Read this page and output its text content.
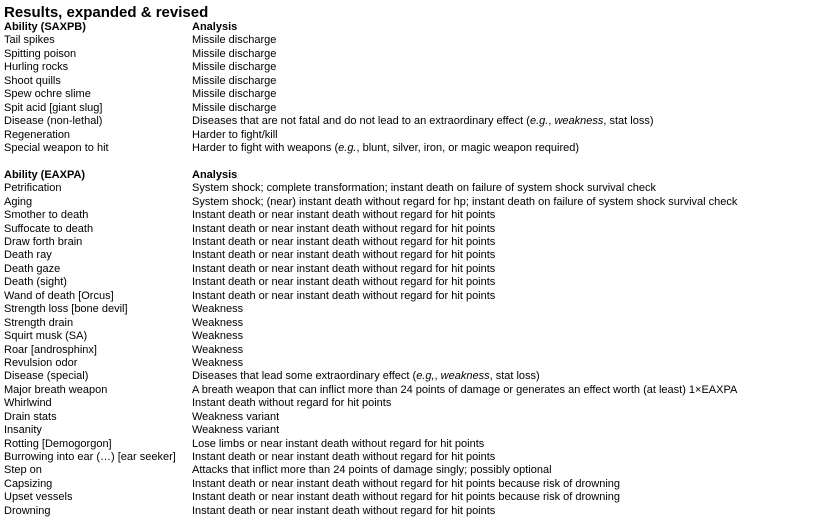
Results, expanded & revised
Ability (SAXPB)	Analysis
Tail spikes	Missile discharge
Spitting poison	Missile discharge
Hurling rocks	Missile discharge
Shoot quills	Missile discharge
Spew ochre slime	Missile discharge
Spit acid [giant slug]	Missile discharge
Disease (non-lethal)	Diseases that are not fatal and do not lead to an extraordinary effect (e.g., weakness, stat loss)
Regeneration	Harder to fight/kill
Special weapon to hit	Harder to fight with weapons (e.g., blunt, silver, iron, or magic weapon required)
Ability (EAXPA)	Analysis
Petrification	System shock; complete transformation; instant death on failure of system shock survival check
Aging	System shock; (near) instant death without regard for hp; instant death on failure of system shock survival check
Smother to death	Instant death or near instant death without regard for hit points
Suffocate to death	Instant death or near instant death without regard for hit points
Draw forth brain	Instant death or near instant death without regard for hit points
Death ray	Instant death or near instant death without regard for hit points
Death gaze	Instant death or near instant death without regard for hit points
Death (sight)	Instant death or near instant death without regard for hit points
Wand of death [Orcus]	Instant death or near instant death without regard for hit points
Strength loss [bone devil]	Weakness
Strength drain	Weakness
Squirt musk (SA)	Weakness
Roar [androsphinx]	Weakness
Revulsion odor	Weakness
Disease (special)	Diseases that lead some extraordinary effect (e.g,, weakness, stat loss)
Major breath weapon	A breath weapon that can inflict more than 24 points of damage or generates an effect worth (at least) 1×EAXPA
Whirlwind	Instant death without regard for hit points
Drain stats	Weakness variant
Insanity	Weakness variant
Rotting [Demogorgon]	Lose limbs or near instant death without regard for hit points
Burrowing into ear (…) [ear seeker]	Instant death or near instant death without regard for hit points
Step on	Attacks that inflict more than 24 points of damage singly; possibly optional
Capsizing	Instant death or near instant death without regard for hit points because risk of drowning
Upset vessels	Instant death or near instant death without regard for hit points because risk of drowning
Drowning	Instant death or near instant death without regard for hit points
